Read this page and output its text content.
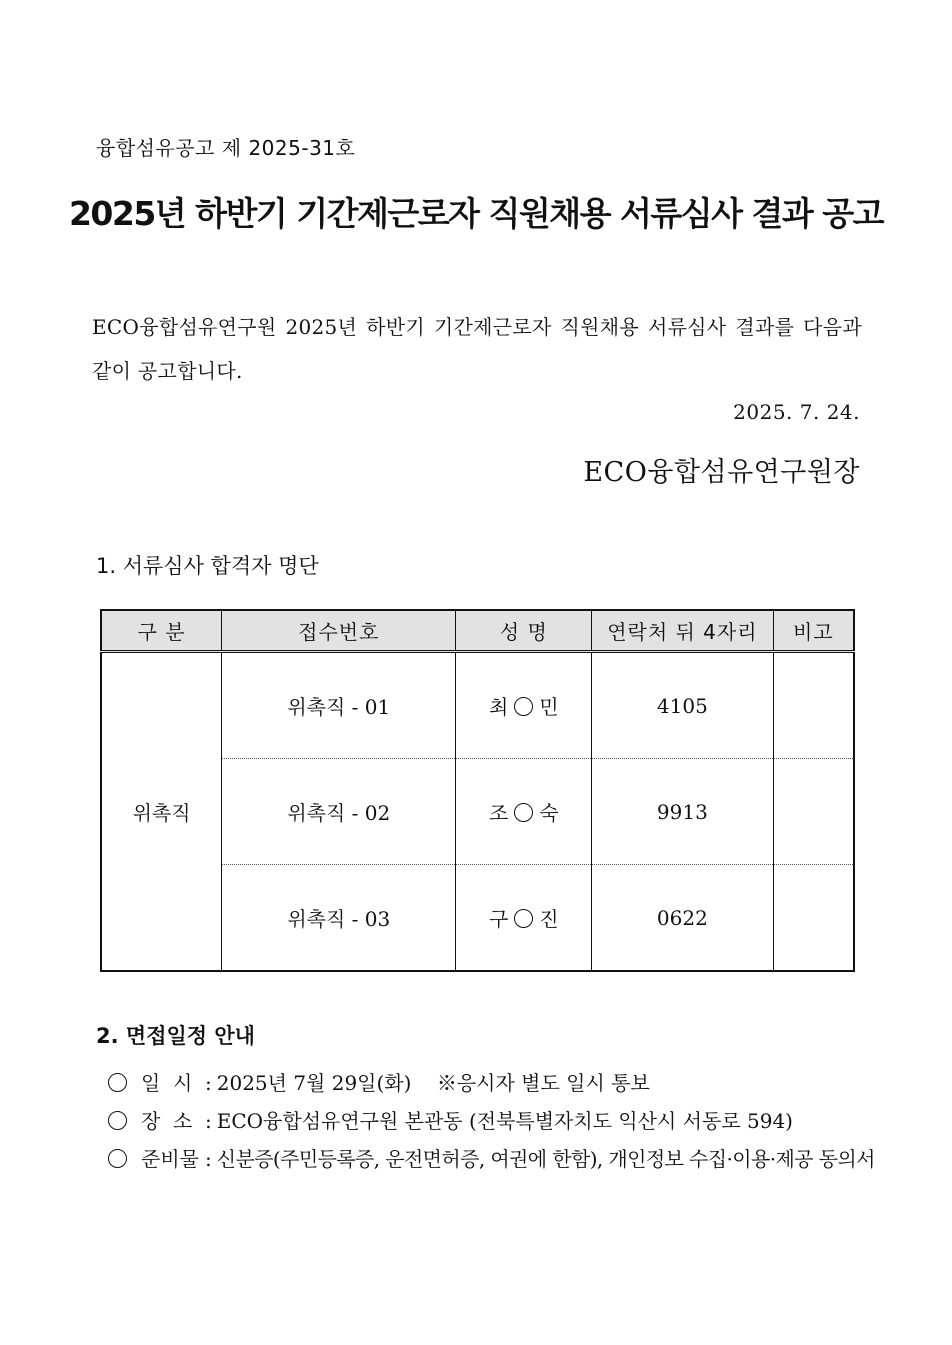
융합섬유공고 제 2025-31호
2025년 하반기 기간제근로자 직원채용 서류심사 결과 공고
ECO융합섬유연구원 2025년 하반기 기간제근로자 직원채용 서류심사 결과를 다음과 같이 공고합니다.
2025. 7. 24.
ECO융합섬유연구원장
1. 서류심사 합격자 명단
구 분	접수번호	성 명	연락처 뒤 4자리	비고
위촉직	위촉직 - 01	최 민	4105	
	위촉직 - 02	조 숙	9913	
	위촉직 - 03	구 진	0622	
2. 면접일정 안내
일  시 : 2025년 7월 29일(화)    ※응시자 별도 일시 통보
장  소 : ECO융합섬유연구원 본관동 (전북특별자치도 익산시 서동로 594)
준비물 : 신분증(주민등록증, 운전면허증, 여권에 한함), 개인정보 수집·이용·제공 동의서
